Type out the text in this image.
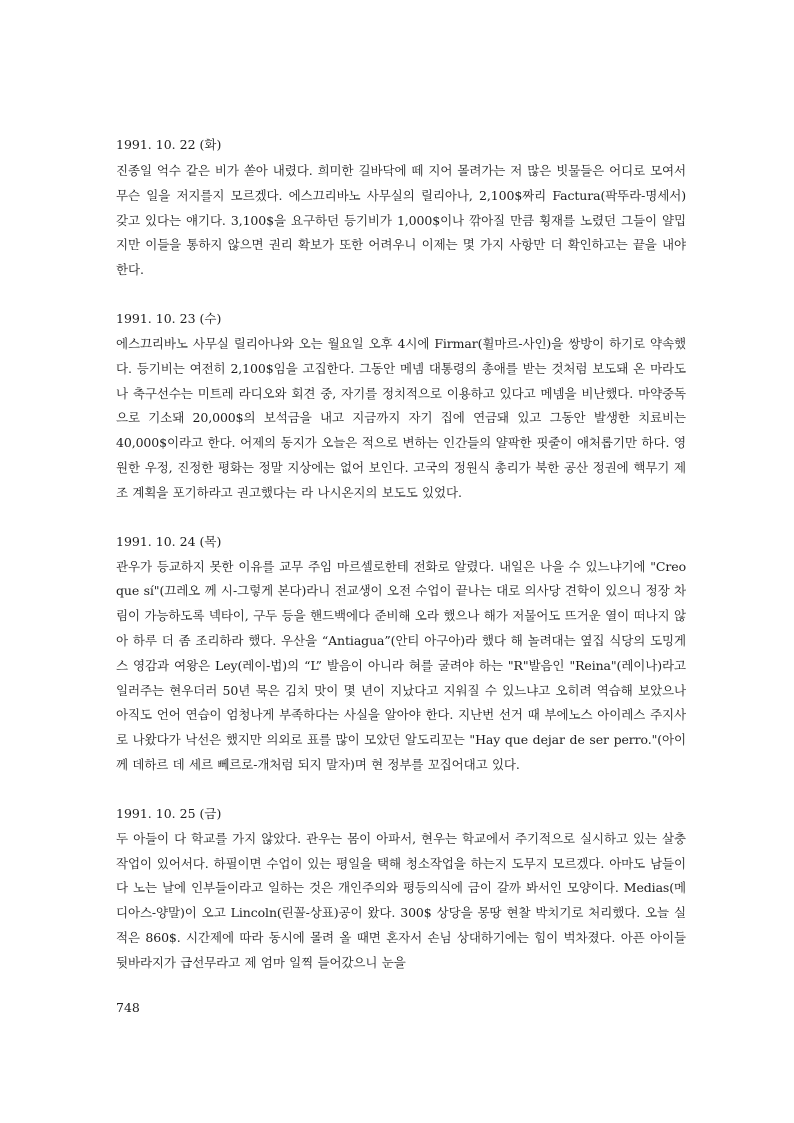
1991. 10. 22 (화)

진종일 억수 같은 비가 쏟아 내렸다. 희미한 길바닥에 떼 지어 몰려가는 저 많은 빗물들은 어디로 모여서 무슨 일을 저지를지 모르겠다. 에스끄리바노 사무실의 릴리아나, 2,100$짜리 Factura(팍뚜라-명세서) 갖고 있다는 얘기다. 3,100$을 요구하던 등기비가 1,000$이나 깎아질 만큼 횡재를 노렸던 그들이 얄밉지만 이들을 통하지 않으면 권리 확보가 또한 어려우니 이제는 몇 가지 사항만 더 확인하고는 끝을 내야 한다.

1991. 10. 23 (수)

에스끄리바노 사무실 릴리아나와 오는 월요일 오후 4시에 Firmar(휠마르-사인)을 쌍방이 하기로 약속했다. 등기비는 여전히 2,100$임을 고집한다. 그동안 메넴 대통령의 총애를 받는 것처럼 보도돼 온 마라도나 축구선수는 미트레 라디오와 회견 중, 자기를 정치적으로 이용하고 있다고 메넴을 비난했다. 마약중독으로 기소돼 20,000$의 보석금을 내고 지금까지 자기 집에 연금돼 있고 그동안 발생한 치료비는 40,000$이라고 한다. 어제의 동지가 오늘은 적으로 변하는 인간들의 얄팍한 핏줄이 애처롭기만 하다. 영원한 우정, 진정한 평화는 정말 지상에는 없어 보인다. 고국의 정원식 총리가 북한 공산 정권에 핵무기 제조 계획을 포기하라고 권고했다는 라 나시온지의 보도도 있었다.

1991. 10. 24 (목)

관우가 등교하지 못한 이유를 교무 주임 마르셀로한테 전화로 알렸다. 내일은 나을 수 있느냐기에 "Creo que sí"(끄레오 께 시-그렇게 본다)라니 전교생이 오전 수업이 끝나는 대로 의사당 견학이 있으니 정장 차림이 가능하도록 넥타이, 구두 등을 핸드백에다 준비해 오라 했으나 해가 저물어도 뜨거운 열이 떠나지 않아 하루 더 좀 조리하라 했다. 우산을 “Antiagua”(안티 아구아)라 했다 해 놀려대는 옆집 식당의 도밍게스 영감과 여왕은 Ley(레이-법)의 “L” 발음이 아니라 혀를 굴려야 하는 "R"발음인 "Reina"(레이나)라고 일러주는 현우더러 50년 묵은 김치 맛이 몇 년이 지났다고 지워질 수 있느냐고 오히려 역습해 보았으나 아직도 언어 연습이 엄청나게 부족하다는 사실을 알아야 한다. 지난번 선거 때 부에노스 아이레스 주지사로 나왔다가 낙선은 했지만 의외로 표를 많이 모았던 알도리꼬는 "Hay que dejar de ser perro."(아이 께 데하르 데 세르 뻬르로-개처럼 되지 말자)며 현 정부를 꼬집어대고 있다.

1991. 10. 25 (금)

두 아들이 다 학교를 가지 않았다. 관우는 몸이 아파서, 현우는 학교에서 주기적으로 실시하고 있는 살충작업이 있어서다. 하필이면 수업이 있는 평일을 택해 청소작업을 하는지 도무지 모르겠다. 아마도 남들이 다 노는 날에 인부들이라고 일하는 것은 개인주의와 평등의식에 금이 갈까 봐서인 모양이다. Medias(메디아스-양말)이 오고 Lincoln(린꼴-상표)공이 왔다. 300$ 상당을 몽땅 현찰 박치기로 처리했다. 오늘 실적은 860$. 시간제에 따라 동시에 몰려 올 때면 혼자서 손님 상대하기에는 힘이 벅차졌다. 아픈 아이들 뒷바라지가 급선무라고 제 엄마 일찍 들어갔으니 눈을

748
